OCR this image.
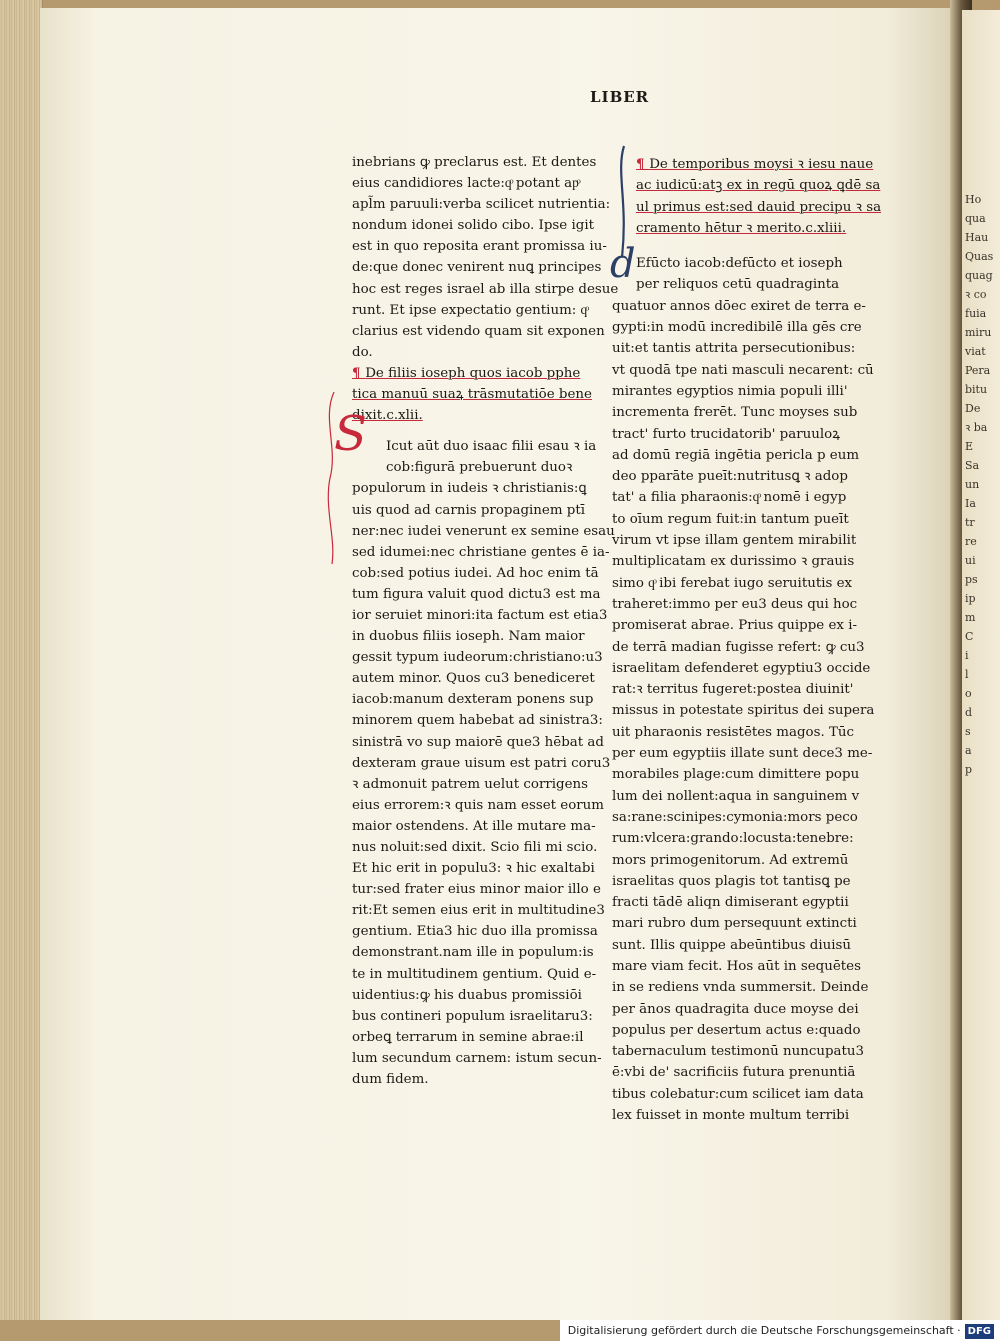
Ho
qua
Hau
Quas
quag
ꝛ co
fuia
miru
viat
Pera
bitu
De
ꝛ ba
E
Sa
un
Ia
tr
re
ui
ps
ip
m
C
i
l
o
d
s
a
p
LIBER
inebrians ꝙ preclarus est. Et dentes
eius candidiores lacte:qͦ potant apͦ
apl̃m paruuli:verba scilicet nutrientia:
nondum idonei solido cibo. Ipse igit
est in quo reposita erant promissa iu-
de:que donec venirent nuꝗ principes
hoc est reges israel ab illa stirpe desue
runt. Et ipse expectatio gentium: qͦ
clarius est videndo quam sit exponen
do.
¶ De filiis ioseph quos iacob pphe
tica manuū suaꝝ trāsmutatiōe bene
dixit.c.xlii.
Icut aūt duo isaac filii esau ꝛ ia
cob:figurā prebuerunt duoꝛ
populorum in iudeis ꝛ christianis:ꝗ
uis quod ad carnis propaginem ptī
ner:nec iudei venerunt ex semine esau
sed idumei:nec christiane gentes ē ia-
cob:sed potius iudei. Ad hoc enim tā
tum figura valuit quod dictu3 est ma
ior seruiet minori:ita factum est etia3
in duobus filiis ioseph. Nam maior
gessit typum iudeorum:christiano:u3
autem minor. Quos cu3 benediceret
iacob:manum dexteram ponens sup
minorem quem habebat ad sinistra3:
sinistrā vo sup maiorē que3 hēbat ad
dexteram graue uisum est patri coru3
ꝛ admonuit patrem uelut corrigens
eius errorem:ꝛ quis nam esset eorum
maior ostendens. At ille mutare ma-
nus noluit:sed dixit. Scio fili mi scio.
Et hic erit in populu3: ꝛ hic exaltabi
tur:sed frater eius minor maior illo e
rit:Et semen eius erit in multitudine3
gentium. Etia3 hic duo illa promissa
demonstrant.nam ille in populum:is
te in multitudinem gentium. Quid e-
uidentius:ꝙ his duabus promissiōi
bus contineri populum israelitaru3:
orbeꝗ terrarum in semine abrae:il
lum secundum carnem: istum secun-
dum fidem.
S
¶ De temporibus moysi ꝛ iesu naue
ac iudicū:atꝫ ex in regū quoꝝ ꝗdē sa
ul primus est:sed dauid precipu ꝛ sa
cramento hētur ꝛ merito.c.xliii.
Efūcto iacob:defūcto et ioseph
per reliquos cetū quadraginta
quatuor annos dōec exiret de terra e-
gypti:in modū incredibilē illa gēs cre
uit:et tantis attrita persecutionibus:
vt quodā tpe nati masculi necarent: cū
mirantes egyptios nimia populi illi'
incrementa frerēt. Tunc moyses sub
tract' furto trucidatorib' paruuloꝝ
ad domū regiā ingētia pericla p eum
deo pparāte pueīt:nutritusꝗ ꝛ adop
tat' a filia pharaonis:qͦ nomē i egyp
to oīum regum fuit:in tantum pueīt
virum vt ipse illam gentem mirabilit
multiplicatam ex durissimo ꝛ grauis
simo qͦ ibi ferebat iugo seruitutis ex
traheret:immo per eu3 deus qui hoc
promiserat abrae. Prius quippe ex i-
de terrā madian fugisse refert: ꝙ cu3
israelitam defenderet egyptiu3 occide
rat:ꝛ territus fugeret:postea diuinit'
missus in potestate spiritus dei supera
uit pharaonis resistētes magos. Tūc
per eum egyptiis illate sunt dece3 me-
morabiles plage:cum dimittere popu
lum dei nollent:aqua in sanguinem v
sa:rane:scinipes:cymonia:mors peco
rum:vlcera:grando:locusta:tenebre:
mors primogenitorum. Ad extremū
israelitas quos plagis tot tantisꝗ pe
fracti tādē aliqn dimiserant egyptii
mari rubro dum persequunt extincti
sunt. Illis quippe abeūntibus diuisū
mare viam fecit. Hos aūt in sequētes
in se rediens vnda summersit. Deinde
per ānos quadragita duce moyse dei
populus per desertum actus e:quado
tabernaculum testimonū nuncupatu3
ē:vbi de' sacrificiis futura prenuntiā
tibus colebatur:cum scilicet iam data
lex fuisset in monte multum terribi
d
Digitalisierung gefördert durch die Deutsche Forschungsgemeinschaft · DFG
